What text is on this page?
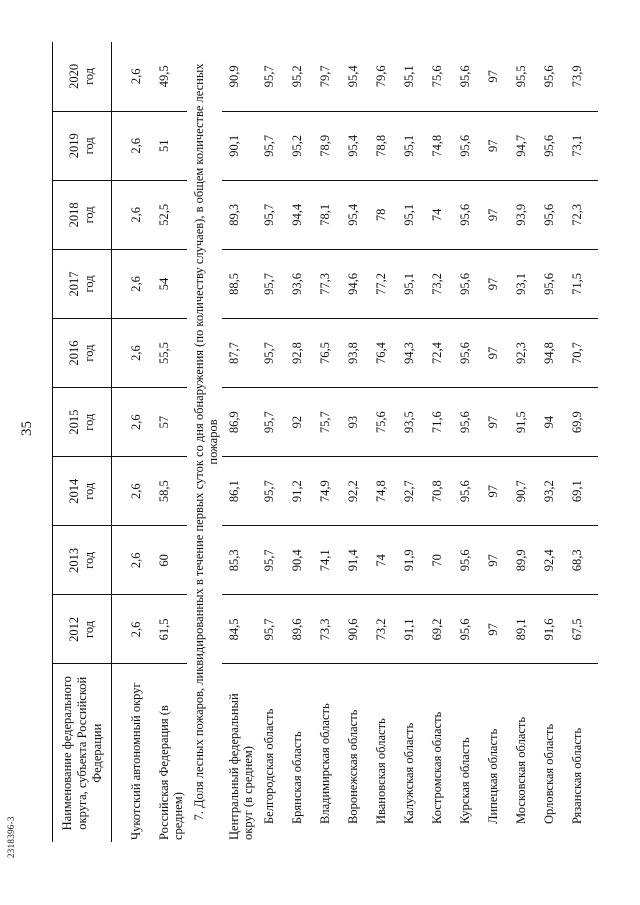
35
2318396-3
Наименование федерального округа, субъекта Российской Федерации	2012 год	2013 год	2014 год	2015 год	2016 год	2017 год	2018 год	2019 год	2020 год

Чукотский автономный округ	2,6	2,6	2,6	2,6	2,6	2,6	2,6	2,6	2,6
Российская Федерация (в среднем)	61,5	60	58,5	57	55,5	54	52,5	51	49,5
7. Доля лесных пожаров, ликвидированных в течение первых суток со дня обнаружения (по количеству случаев), в общем количестве лесных пожаров									
Центральный федеральный округ (в среднем)	84,5	85,3	86,1	86,9	87,7	88,5	89,3	90,1	90,9
Белгородская область	95,7	95,7	95,7	95,7	95,7	95,7	95,7	95,7	95,7
Брянская область	89,6	90,4	91,2	92	92,8	93,6	94,4	95,2	95,2
Владимирская область	73,3	74,1	74,9	75,7	76,5	77,3	78,1	78,9	79,7
Воронежская область	90,6	91,4	92,2	93	93,8	94,6	95,4	95,4	95,4
Ивановская область	73,2	74	74,8	75,6	76,4	77,2	78	78,8	79,6
Калужская область	91,1	91,9	92,7	93,5	94,3	95,1	95,1	95,1	95,1
Костромская область	69,2	70	70,8	71,6	72,4	73,2	74	74,8	75,6
Курская область	95,6	95,6	95,6	95,6	95,6	95,6	95,6	95,6	95,6
Липецкая область	97	97	97	97	97	97	97	97	97
Московская область	89,1	89,9	90,7	91,5	92,3	93,1	93,9	94,7	95,5
Орловская область	91,6	92,4	93,2	94	94,8	95,6	95,6	95,6	95,6
Рязанская область	67,5	68,3	69,1	69,9	70,7	71,5	72,3	73,1	73,9
